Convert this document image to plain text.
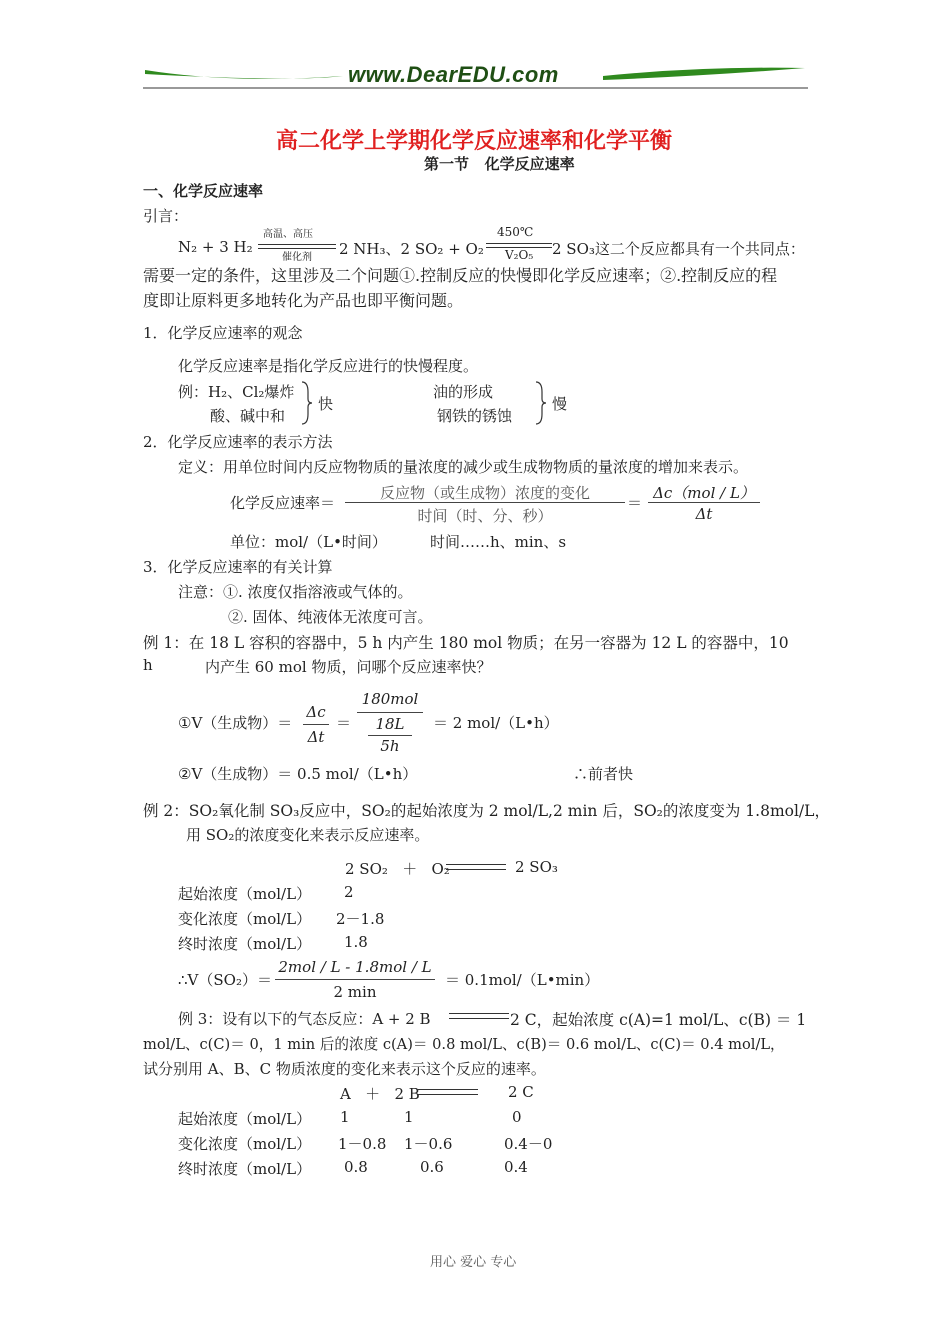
www.DearEDU.com
高二化学上学期化学反应速率和化学平衡
第一节   化学反应速率
一、化学反应速率
引言：
N₂ + 3 H₂
高温、高压
催化剂 2 NH₃、2 SO₂ + O₂
450℃
V₂O₅ 2 SO₃这二个反应都具有一个共同点：
需要一定的条件，这里涉及二个问题①.控制反应的快慢即化学反应速率；②.控制反应的程
度即让原料更多地转化为产品也即平衡问题。
1．化学反应速率的观念
化学反应速率是指化学反应进行的快慢程度。
例：H₂、Cl₂爆炸
酸、碱中和
快
油的形成
钢铁的锈蚀
慢
2．化学反应速率的表示方法
定义：用单位时间内反应物物质的量浓度的减少或生成物物质的量浓度的增加来表示。
化学反应速率＝
反应物（或生成物）浓度的变化
时间（时、分、秒）
＝
Δc（mol / L）
Δt
单位：mol/（L•时间）	时间……h、min、s
3．化学反应速率的有关计算
注意：①. 浓度仅指溶液或气体的。
②. 固体、纯液体无浓度可言。
例 1：在 18 L 容积的容器中，5 h 内产生 180 mol 物质；在另一容器为 12 L 的容器中，10
h	内产生 60 mol 物质，问哪个反应速率快？
①V（生成物）＝
Δc
Δt
＝
180mol
18L
5h
＝ 2 mol/（L•h）
②V（生成物）＝ 0.5 mol/（L•h）	∴前者快
例 2：SO₂氧化制 SO₃反应中，SO₂的起始浓度为 2 mol/L,2 min 后，SO₂的浓度变为 1.8mol/L，
用 SO₂的浓度变化来表示反应速率。
2 SO₂   ＋   O₂	2 SO₃
起始浓度（mol/L） 2
变化浓度（mol/L） 2－1.8
终时浓度（mol/L） 1.8
∴V（SO₂）＝
2mol / L - 1.8mol / L
2 min
＝ 0.1mol/（L•min）
例 3：设有以下的气态反应：A + 2 B	2 C，起始浓度 c(A)=1 mol/L、c(B) ＝ 1
mol/L、c(C)＝ 0，1 min 后的浓度 c(A)＝ 0.8 mol/L、c(B)＝ 0.6 mol/L、c(C)＝ 0.4 mol/L，
试分别用 A、B、C 物质浓度的变化来表示这个反应的速率。
A   ＋   2 B	2 C
起始浓度（mol/L） 1	1	0
变化浓度（mol/L） 1－0.8 1－0.6	0.4－0
终时浓度（mol/L） 0.8	0.6	0.4
用心 爱心 专心
